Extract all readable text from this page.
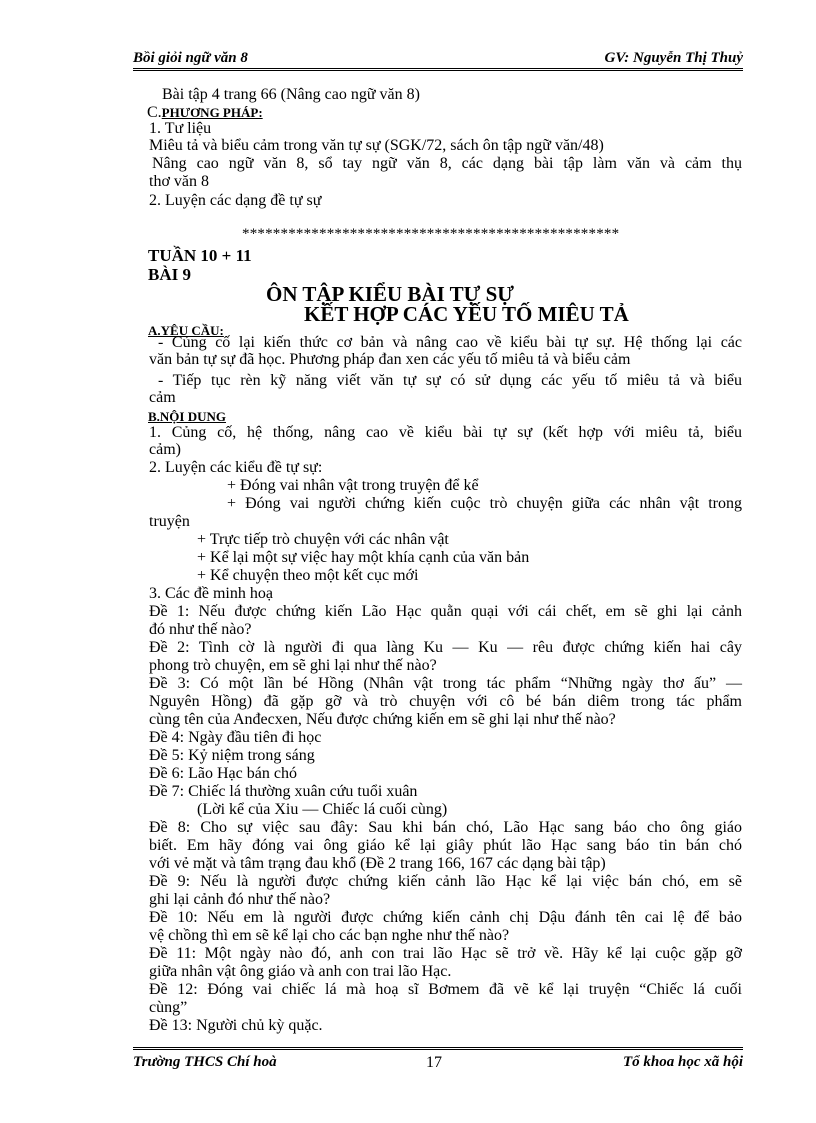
Bồi giỏi ngữ văn 8	GV: Nguyễn Thị Thuỷ
Bài tập 4 trang 66 (Nâng cao ngữ văn 8)
C.PHƯƠNG PHÁP:
1. Tư liệu
Miêu tả và biểu cảm trong văn tự sự (SGK/72, sách ôn tập ngữ văn/48)
Nâng cao ngữ văn 8, sổ tay ngữ văn 8, các dạng bài tập làm văn và cảm thụ
thơ văn 8
2. Luyện các dạng đề tự sự
*************************************************
TUẦN 10 + 11
BÀI 9
ÔN TẬP KIỂU BÀI TỰ SỰ
KẾT HỢP CÁC YẾU TỐ MIÊU TẢ
A.YÊU CẦU:
- Củng cố lại kiến thức cơ bản và nâng cao về kiểu bài tự sự. Hệ thống lại các
văn bản tự sự đã học. Phương pháp đan xen các yếu tố miêu tả và biểu cảm
- Tiếp tục rèn kỹ năng viết văn tự sự có sử dụng các yếu tố miêu tả và biểu
cảm
B.NỘI DUNG
1. Củng cố, hệ thống, nâng cao về kiểu bài tự sự (kết hợp với miêu tả, biểu
cảm)
2. Luyện các kiểu đề tự sự:
+ Đóng vai nhân vật trong truyện để kể
+ Đóng vai người chứng kiến cuộc trò chuyện giữa các nhân vật trong
truyện
+ Trực tiếp trò chuyện với các nhân vật
+ Kể lại một sự việc hay một khía cạnh của văn bản
+ Kể chuyện theo một kết cục mới
3. Các đề minh hoạ
Đề 1: Nếu được chứng kiến Lão Hạc quằn quại với cái chết, em sẽ ghi lại cảnh
đó như thế nào?
Đề 2: Tình cờ là người đi qua làng Ku — Ku — rêu được chứng kiến hai cây
phong trò chuyện, em sẽ ghi lại như thế nào?
Đề 3: Có một lần bé Hồng (Nhân vật trong tác phẩm “Những ngày thơ ấu” —
Nguyên Hồng) đã gặp gỡ và trò chuyện với cô bé bán diêm trong tác phẩm
cùng tên của Anđecxen, Nếu được chứng kiến em sẽ ghi lại như thế nào?
Đề 4: Ngày đầu tiên đi học
Đề 5: Kỷ niệm trong sáng
Đề 6: Lão Hạc bán chó
Đề 7: Chiếc lá thường xuân cứu tuổi xuân
(Lời kể của Xiu — Chiếc lá cuối cùng)
Đề 8: Cho sự việc sau đây: Sau khi bán chó, Lão Hạc sang báo cho ông giáo
biết. Em hãy đóng vai ông giáo kể lại giây phút lão Hạc sang báo tin bán chó
với vẻ mặt và tâm trạng đau khổ (Đề 2 trang 166, 167 các dạng bài tập)
Đề 9: Nếu là người được chứng kiến cảnh lão Hạc kể lại việc bán chó, em sẽ
ghi lại cảnh đó như thế nào?
Đề 10: Nếu em là người được chứng kiến cảnh chị Dậu đánh tên cai lệ để bảo
vệ chồng thì em sẽ kể lại cho các bạn nghe như thế nào?
Đề 11: Một ngày nào đó, anh con trai lão Hạc sẽ trở về. Hãy kể lại cuộc gặp gỡ
giữa nhân vật ông giáo và anh con trai lão Hạc.
Đề 12: Đóng vai chiếc lá mà hoạ sĩ Bơmem đã vẽ kể lại truyện “Chiếc lá cuối
cùng”
Đề 13: Người chủ kỳ quặc.
Trường THCS Chí hoà	17	Tổ khoa học xã hội
